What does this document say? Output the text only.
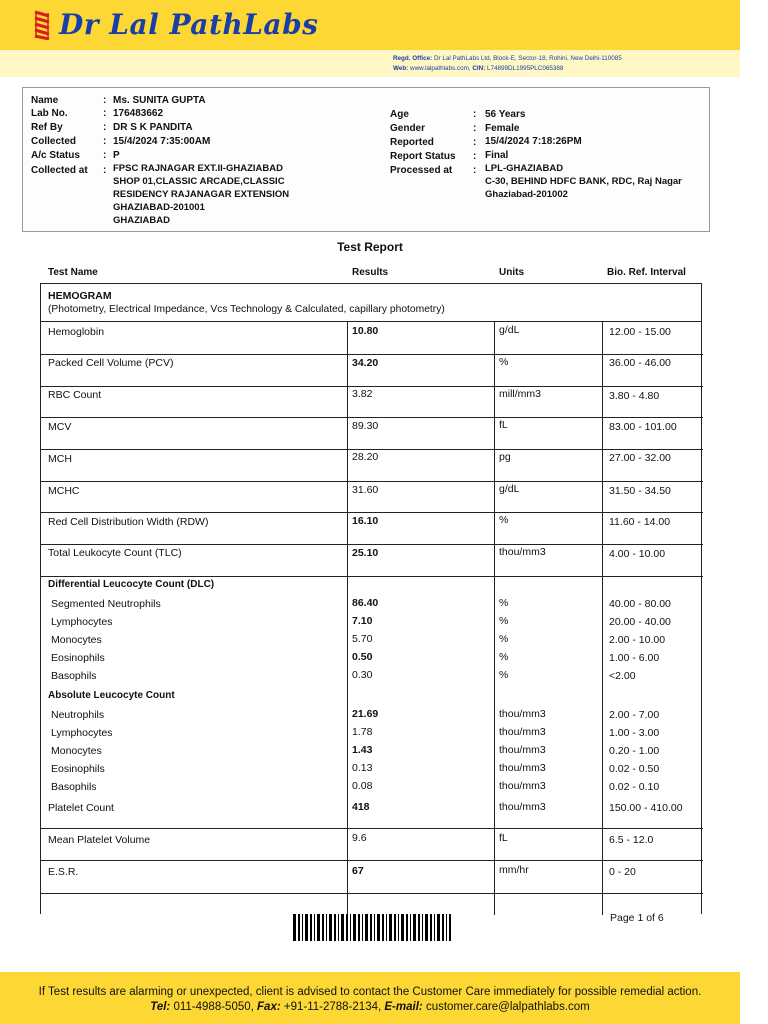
Dr Lal PathLabs
Regd. Office: Dr Lal PathLabs Ltd, Block-E, Sector-18, Rohini, New Delhi-110085
Web: www.lalpathlabs.com, CIN: L74899DL1995PLC065388
Name	: Ms. SUNITA GUPTA
Lab No.	: 176483662
Ref By	: DR S K PANDITA
Collected	: 15/4/2024 7:35:00AM
A/c Status : P
Collected at : FPSC RAJNAGAR EXT.II-GHAZIABAD
SHOP 01,CLASSIC ARCADE,CLASSIC
RESIDENCY RAJANAGAR EXTENSION
GHAZIABAD-201001
GHAZIABAD
Age	: 56 Years
Gender	: Female
Reported	: 15/4/2024 7:18:26PM
Report Status : Final
Processed at : LPL-GHAZIABAD
C-30, BEHIND HDFC BANK, RDC, Raj Nagar
Ghaziabad-201002
Test Report
Test Name	Results	Units	Bio. Ref. Interval
HEMOGRAM
(Photometry, Electrical Impedance, Vcs Technology & Calculated, capillary photometry)
Hemoglobin	10.80	g/dL	12.00 - 15.00
Packed Cell Volume (PCV)	34.20	%	36.00 - 46.00
RBC Count	3.82	mill/mm3	3.80 - 4.80
MCV	89.30	fL	83.00 - 101.00
MCH	28.20	pg	27.00 - 32.00
MCHC	31.60	g/dL	31.50 - 34.50
Red Cell Distribution Width (RDW)	16.10	%	11.60 - 14.00
Total Leukocyte Count (TLC)	25.10	thou/mm3	4.00 - 10.00
Differential Leucocyte Count (DLC)
Segmented Neutrophils	86.40	%	40.00 - 80.00
Lymphocytes	7.10	%	20.00 - 40.00
Monocytes	5.70	%	2.00 - 10.00
Eosinophils	0.50	%	1.00 - 6.00
Basophils	0.30	%	<2.00
Absolute Leucocyte Count
Neutrophils	21.69	thou/mm3	2.00 - 7.00
Lymphocytes	1.78	thou/mm3	1.00 - 3.00
Monocytes	1.43	thou/mm3	0.20 - 1.00
Eosinophils	0.13	thou/mm3	0.02 - 0.50
Basophils	0.08	thou/mm3	0.02 - 0.10
Platelet Count	418	thou/mm3	150.00 - 410.00
Mean Platelet Volume	9.6	fL	6.5 - 12.0
E.S.R.	67	mm/hr	0 - 20
Page 1 of 6
If Test results are alarming or unexpected, client is advised to contact the Customer Care immediately for possible remedial action.
Tel: 011-4988-5050, Fax: +91-11-2788-2134, E-mail: customer.care@lalpathlabs.com
